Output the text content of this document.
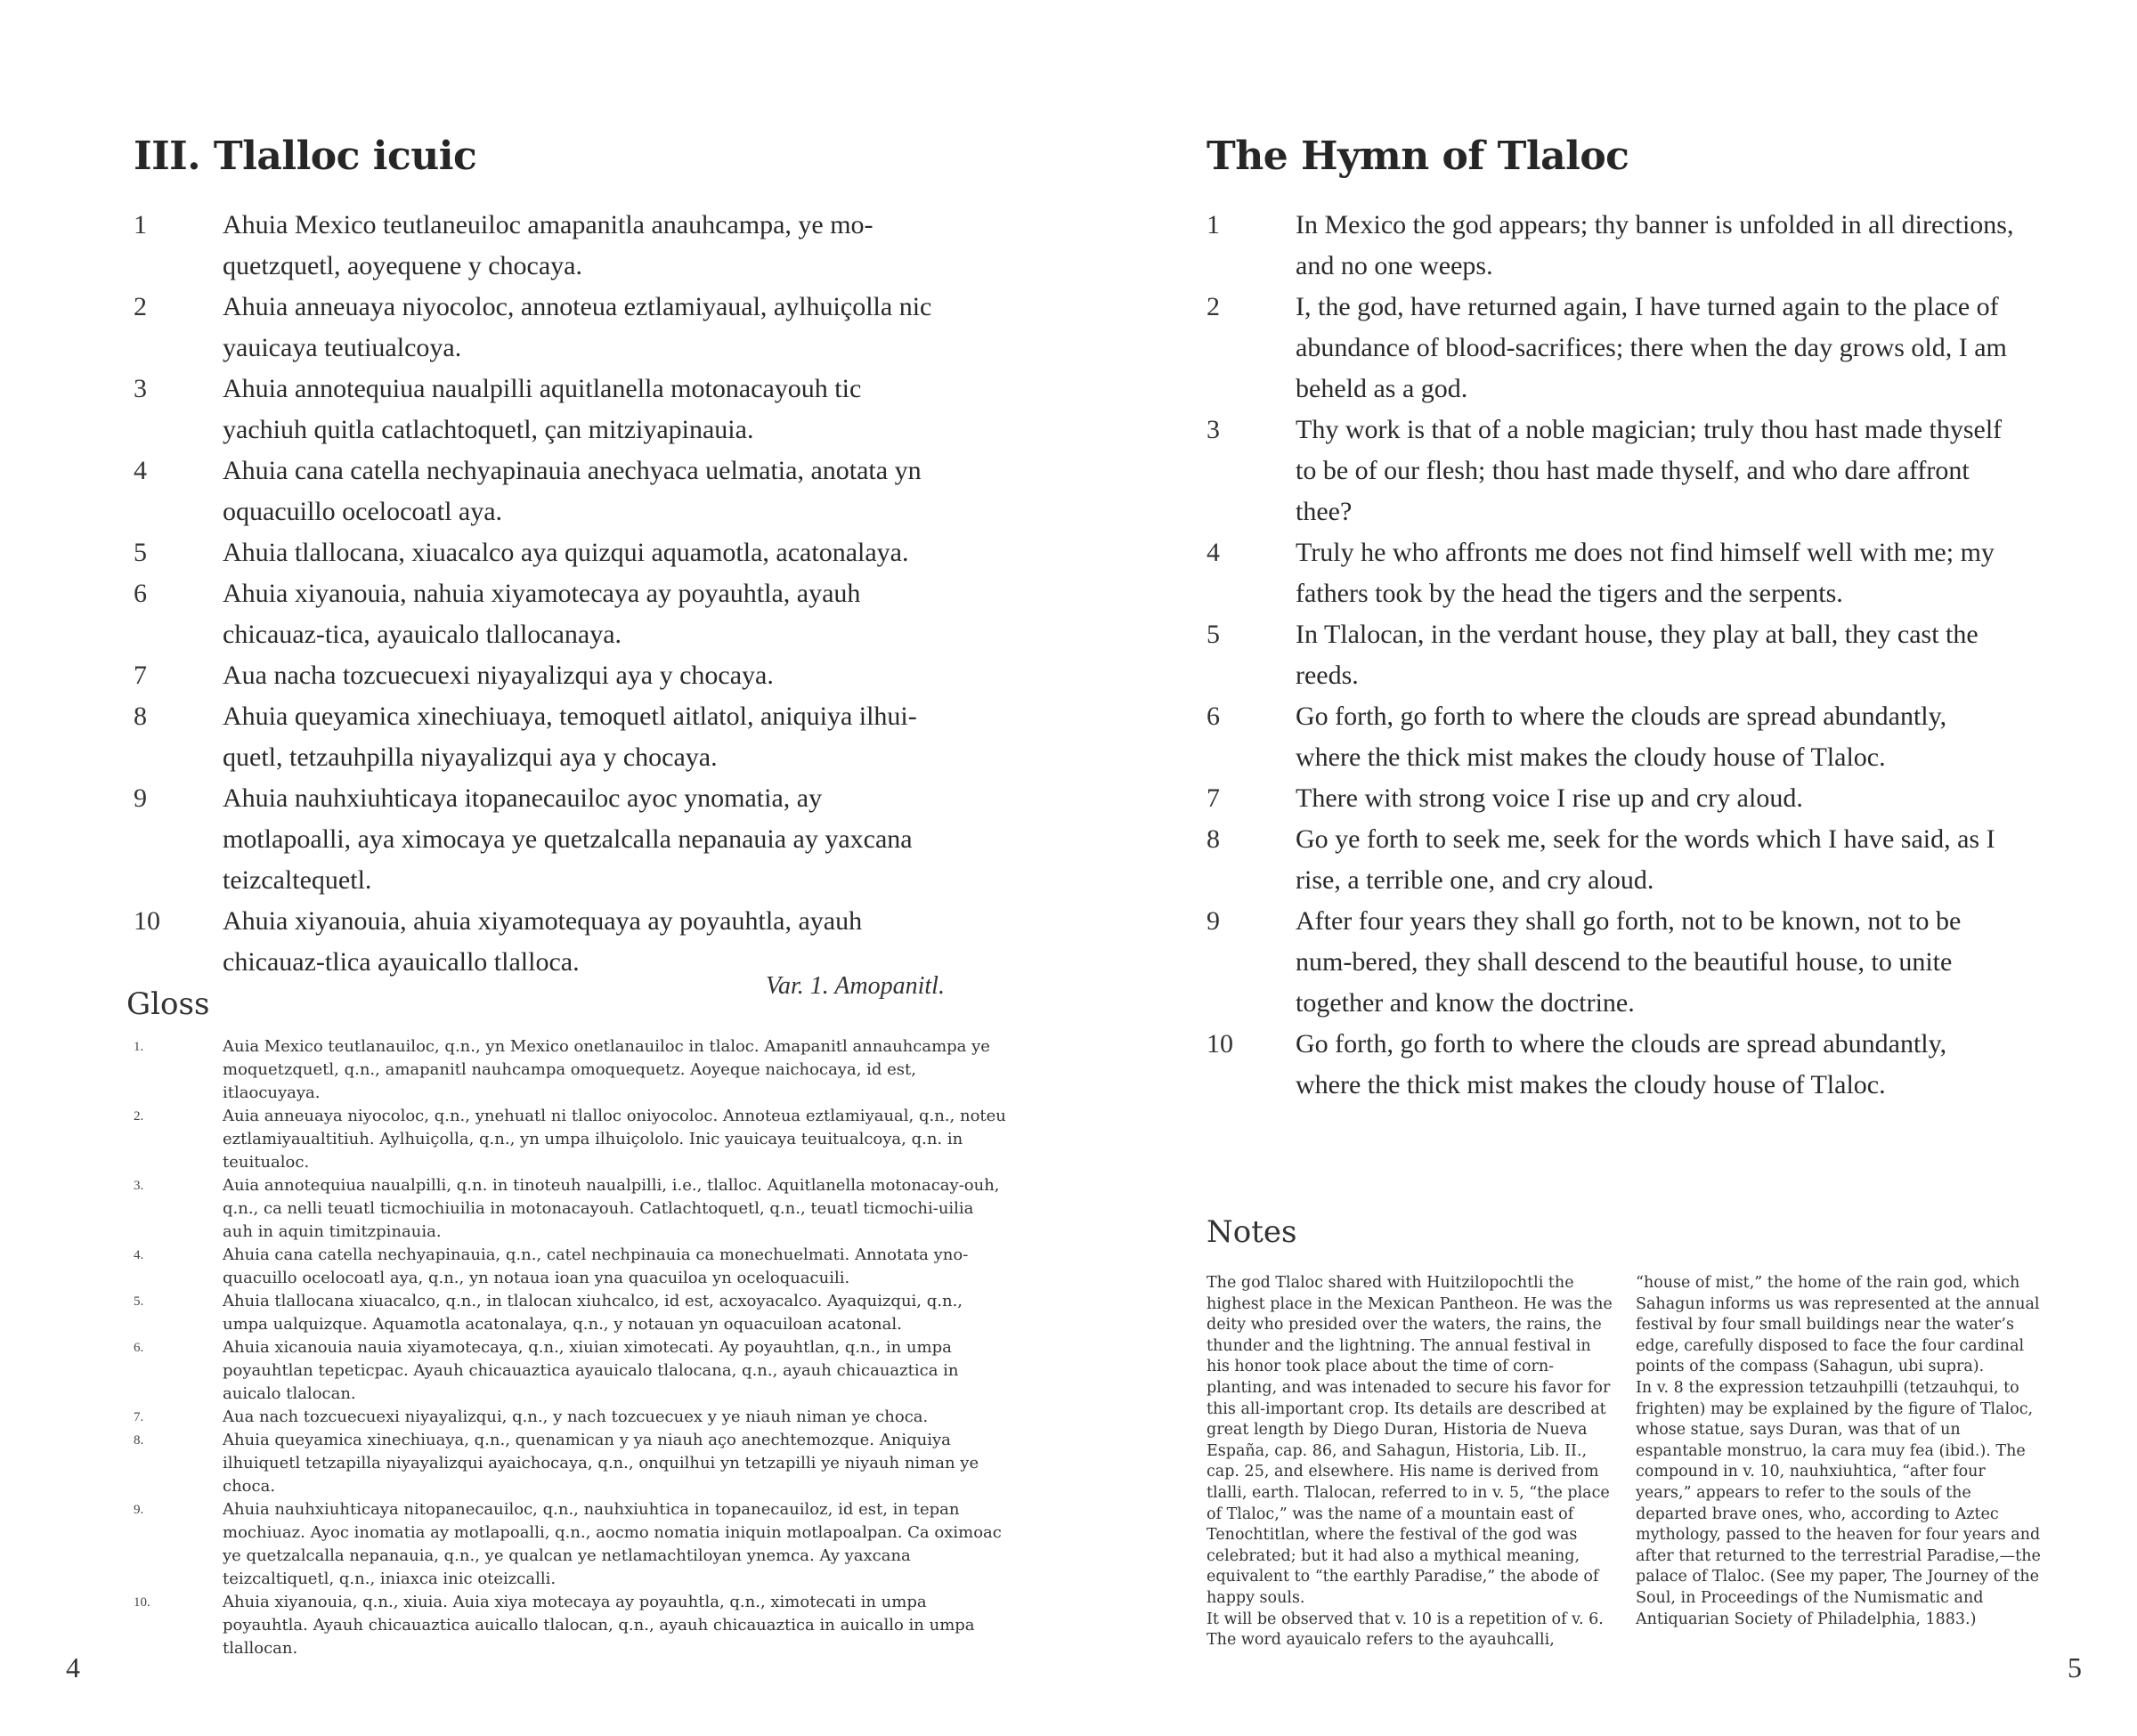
III. Tlalloc icuic
1	Ahuia Mexico teutlaneuiloc amapanitla anauhcampa, ye mo-quetzquetl, aoyequene y chocaya.
2	Ahuia anneuaya niyocoloc, annoteua eztlamiyaual, aylhuiçolla nic yauicaya teutiualcoya.
3	Ahuia annotequiua naualpilli aquitlanella motonacayouh tic yachiuh quitla catlachtoquetl, çan mitziyapinauia.
4	Ahuia cana catella nechyapinauia anechyaca uelmatia, anotata yn oquacuillo ocelocoatl aya.
5	Ahuia tlallocana, xiuacalco aya quizqui aquamotla, acatonalaya.
6	Ahuia xiyanouia, nahuia xiyamotecaya ay poyauhtla, ayauh chicauaz-tica, ayauicalo tlallocanaya.
7	Aua nacha tozcuecuexi niyayalizqui aya y chocaya.
8	Ahuia queyamica xinechiuaya, temoquetl aitlatol, aniquiya ilhui-quetl, tetzauhpilla niyayalizqui aya y chocaya.
9	Ahuia nauhxiuhticaya itopanecauiloc ayoc ynomatia, ay motlapoalli, aya ximocaya ye quetzalcalla nepanauia ay yaxcana teizcaltequetl.
10	Ahuia xiyanouia, ahuia xiyamotequaya ay poyauhtla, ayauh chicauaz-tlica ayauicallo tlalloca.
Var. 1. Amopanitl.
Gloss
1.	Auia Mexico teutlanauiloc, q.n., yn Mexico onetlanauiloc in tlaloc. Amapanitl annauhcampa ye moquetzquetl, q.n., amapanitl nauhcampa omoquequetz. Aoyeque naichocaya, id est, itlaocuyaya.
2.	Auia anneuaya niyocoloc, q.n., ynehuatl ni tlalloc oniyocoloc. Annoteua eztlamiyaual, q.n., noteu eztlamiyaualtitiuh. Aylhuiçolla, q.n., yn umpa ilhuiçololo. Inic yauicaya teuitualcoya, q.n. in teuitualoc.
3.	Auia annotequiua naualpilli, q.n. in tinoteuh naualpilli, i.e., tlalloc. Aquitlanella motonacay-ouh, q.n., ca nelli teuatl ticmochiuilia in motonacayouh. Catlachtoquetl, q.n., teuatl ticmochi-uilia auh in aquin timitzpinauia.
4.	Ahuia cana catella nechyapinauia, q.n., catel nechpinauia ca monechuelmati. Annotata yno-quacuillo ocelocoatl aya, q.n., yn notaua ioan yna quacuiloa yn oceloquacuili.
5.	Ahuia tlallocana xiuacalco, q.n., in tlalocan xiuhcalco, id est, acxoyacalco. Ayaquizqui, q.n., umpa ualquizque. Aquamotla acatonalaya, q.n., y notauan yn oquacuiloan acatonal.
6.	Ahuia xicanouia nauia xiyamotecaya, q.n., xiuian ximotecati. Ay poyauhtlan, q.n., in umpa poyauhtlan tepeticpac. Ayauh chicauaztica ayauicalo tlalocana, q.n., ayauh chicauaztica in auicalo tlalocan.
7.	Aua nach tozcuecuexi niyayalizqui, q.n., y nach tozcuecuex y ye niauh niman ye choca.
8.	Ahuia queyamica xinechiuaya, q.n., quenamican y ya niauh aço anechtemozque. Aniquiya ilhuiquetl tetzapilla niyayalizqui ayaichocaya, q.n., onquilhui yn tetzapilli ye niyauh niman ye choca.
9.	Ahuia nauhxiuhticaya nitopanecauiloc, q.n., nauhxiuhtica in topanecauiloz, id est, in tepan mochiuaz. Ayoc inomatia ay motlapoalli, q.n., aocmo nomatia iniquin motlapoalpan. Ca oximoac ye quetzalcalla nepanauia, q.n., ye qualcan ye netlamachtiloyan ynemca. Ay yaxcana teizcaltiquetl, q.n., iniaxca inic oteizcalli.
10.	Ahuia xiyanouia, q.n., xiuia. Auia xiya motecaya ay poyauhtla, q.n., ximotecati in umpa poyauhtla. Ayauh chicauaztica auicallo tlalocan, q.n., ayauh chicauaztica in auicallo in umpa tlallocan.
4
The Hymn of Tlaloc
1	In Mexico the god appears; thy banner is unfolded in all directions, and no one weeps.
2	I, the god, have returned again, I have turned again to the place of abundance of blood-sacrifices; there when the day grows old, I am beheld as a god.
3	Thy work is that of a noble magician; truly thou hast made thyself to be of our flesh; thou hast made thyself, and who dare affront thee?
4	Truly he who affronts me does not find himself well with me; my fathers took by the head the tigers and the serpents.
5	In Tlalocan, in the verdant house, they play at ball, they cast the reeds.
6	Go forth, go forth to where the clouds are spread abundantly, where the thick mist makes the cloudy house of Tlaloc.
7	There with strong voice I rise up and cry aloud.
8	Go ye forth to seek me, seek for the words which I have said, as I rise, a terrible one, and cry aloud.
9	After four years they shall go forth, not to be known, not to be num-bered, they shall descend to the beautiful house, to unite together and know the doctrine.
10	Go forth, go forth to where the clouds are spread abundantly, where the thick mist makes the cloudy house of Tlaloc.
Notes

The god Tlaloc shared with Huitzilopochtli the highest place in the Mexican Pantheon. He was the deity who presided over the waters, the rains, the thunder and the lightning. The annual festival in his honor took place about the time of corn-planting, and was intenaded to secure his favor for this all-important crop. Its details are described at great length by Diego Duran, Historia de Nueva España, cap. 86, and Sahagun, Historia, Lib. II., cap. 25, and elsewhere. His name is derived from tlalli, earth. Tlalocan, referred to in v. 5, “the place of Tlaloc,” was the name of a mountain east of Tenochtitlan, where the festival of the god was celebrated; but it had also a mythical meaning, equivalent to “the earthly Paradise,” the abode of happy souls.

It will be observed that v. 10 is a repetition of v. 6. The word ayauicalo refers to the ayauhcalli,

“house of mist,” the home of the rain god, which Sahagun informs us was represented at the annual festival by four small buildings near the water’s edge, carefully disposed to face the four cardinal points of the compass (Sahagun, ubi supra).

In v. 8 the expression tetzauhpilli (tetzauhqui, to frighten) may be explained by the figure of Tlaloc, whose statue, says Duran, was that of un espantable monstruo, la cara muy fea (ibid.). The compound in v. 10, nauhxiuhtica, “after four years,” appears to refer to the souls of the departed brave ones, who, according to Aztec mythology, passed to the heaven for four years and after that returned to the terrestrial Paradise,—the palace of Tlaloc. (See my paper, The Journey of the Soul, in Proceedings of the Numismatic and Antiquarian Society of Philadelphia, 1883.)

5
